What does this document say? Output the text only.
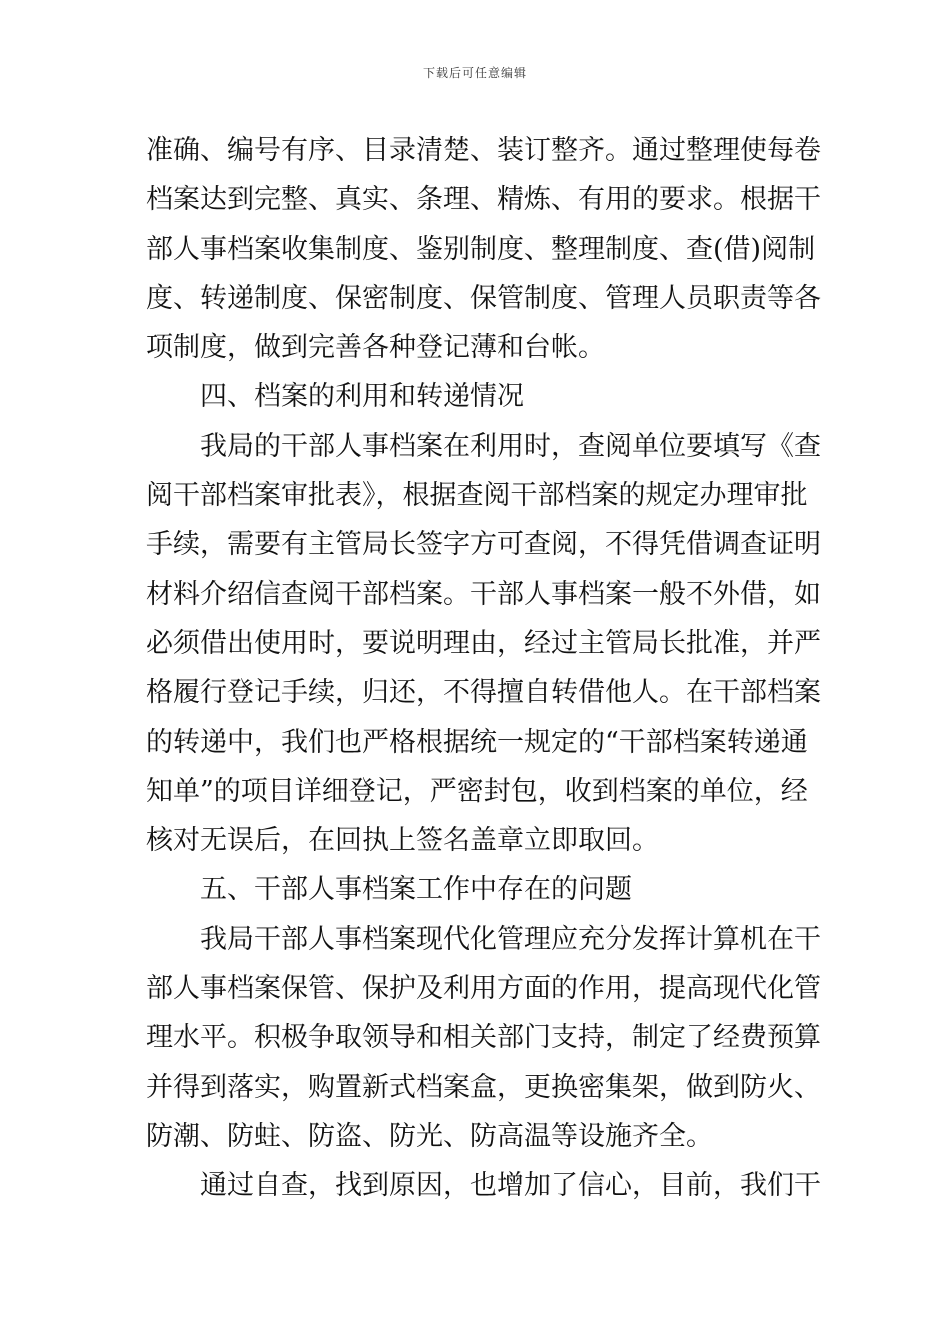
下载后可任意编辑
准确、编号有序、目录清楚、装订整齐。通过整理使每卷
档案达到完整、真实、条理、精炼、有用的要求。根据干
部人事档案收集制度、鉴别制度、整理制度、查(借)阅制
度、转递制度、保密制度、保管制度、管理人员职责等各
项制度，做到完善各种登记薄和台帐。
四、档案的利用和转递情况
我局的干部人事档案在利用时，查阅单位要填写《查
阅干部档案审批表》，根据查阅干部档案的规定办理审批
手续，需要有主管局长签字方可查阅，不得凭借调查证明
材料介绍信查阅干部档案。干部人事档案一般不外借，如
必须借出使用时，要说明理由，经过主管局长批准，并严
格履行登记手续，归还，不得擅自转借他人。在干部档案
的转递中，我们也严格根据统一规定的“干部档案转递通
知单”的项目详细登记，严密封包，收到档案的单位，经
核对无误后，在回执上签名盖章立即取回。
五、干部人事档案工作中存在的问题
我局干部人事档案现代化管理应充分发挥计算机在干
部人事档案保管、保护及利用方面的作用，提高现代化管
理水平。积极争取领导和相关部门支持，制定了经费预算
并得到落实，购置新式档案盒，更换密集架，做到防火、
防潮、防蛀、防盗、防光、防高温等设施齐全。
通过自查，找到原因，也增加了信心，目前，我们干
